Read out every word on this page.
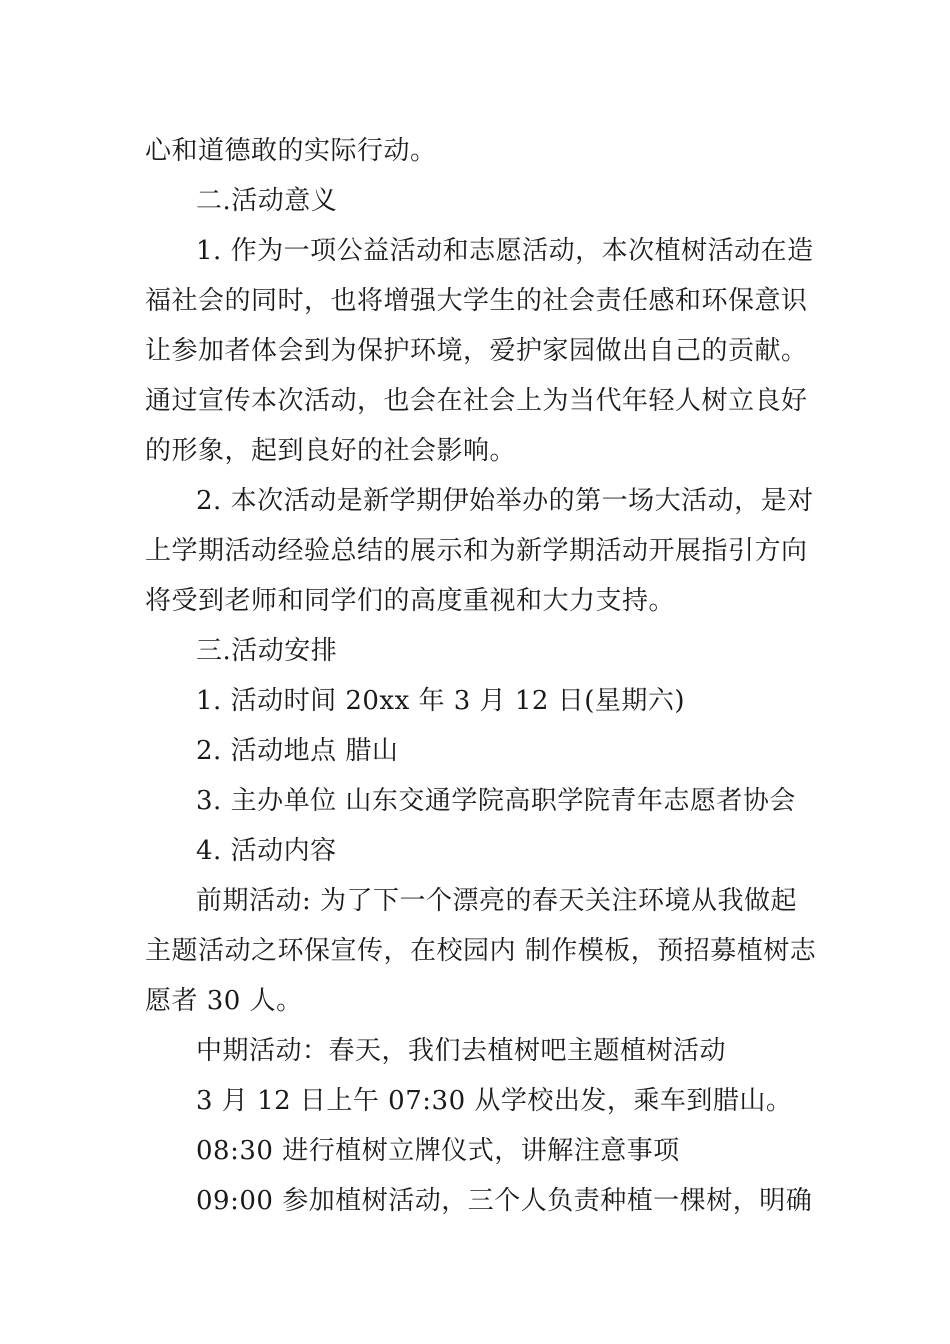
心和道德敢的实际行动。
二.活动意义
1. 作为一项公益活动和志愿活动，本次植树活动在造
福社会的同时，也将增强大学生的社会责任感和环保意识
让参加者体会到为保护环境，爱护家园做出自己的贡献。
通过宣传本次活动，也会在社会上为当代年轻人树立良好
的形象，起到良好的社会影响。
2. 本次活动是新学期伊始举办的第一场大活动，是对
上学期活动经验总结的展示和为新学期活动开展指引方向
将受到老师和同学们的高度重视和大力支持。
三.活动安排
1. 活动时间 20xx 年 3 月 12 日(星期六)
2. 活动地点 腊山
3. 主办单位 山东交通学院高职学院青年志愿者协会
4. 活动内容
前期活动: 为了下一个漂亮的春天关注环境从我做起
主题活动之环保宣传，在校园内 制作模板，预招募植树志
愿者 30 人。
中期活动：春天，我们去植树吧主题植树活动
3 月 12 日上午 07:30 从学校出发，乘车到腊山。
08:30 进行植树立牌仪式，讲解注意事项
09:00 参加植树活动，三个人负责种植一棵树，明确
